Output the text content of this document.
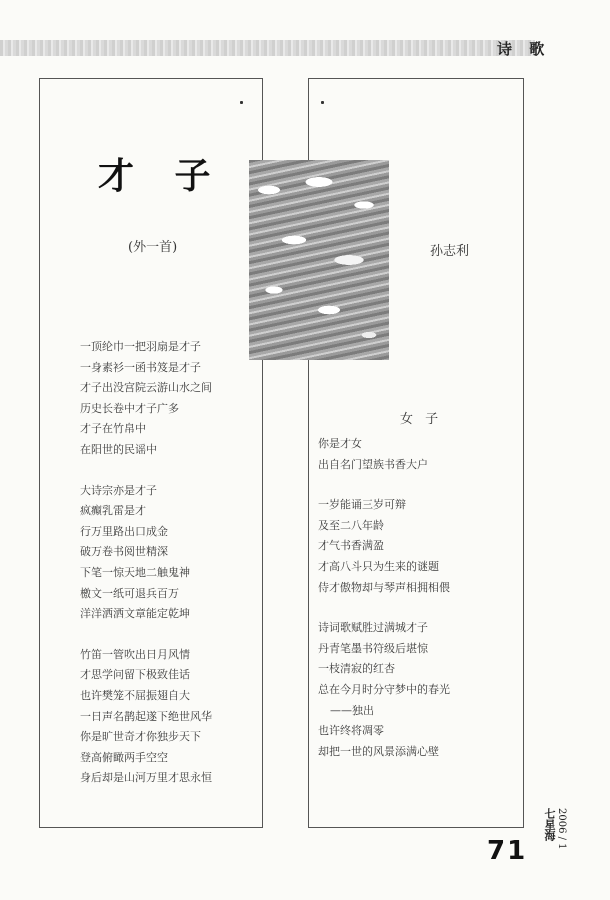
诗 歌
才 子
(外一首)	孙志利
一顶纶巾一把羽扇是才子
一身素衫一函书笈是才子
才子出没宫院云游山水之间
历史长卷中才子广多
才子在竹帛中
在阳世的民谣中
大诗宗亦是才子
疯癫乳雷是才
行万里路出口成金
破万卷书阅世精深
下笔一惊天地二触鬼神
檄文一纸可退兵百万
洋洋洒洒文章能定乾坤
竹笛一管吹出日月风情
才思学问留下极致佳话
也许樊笼不屈振翅自大
一日声名鹊起遂下绝世风华
你是旷世奇才你独步天下
登高俯瞰两手空空
身后却是山河万里才思永恒
女 子
你是才女
出自名门望族书香大户
一岁能诵三岁可辩
及至二八年龄
才气书香满盈
才高八斗只为生来的谜题
侍才傲物却与琴声相拥相偎
诗词歌赋胜过满城才子
丹青笔墨书符级后堪惊
一枝清寂的红杏
总在今月时分守梦中的春光
——独出
也许终将凋零
却把一世的风景添满心壁
71
七星海 2006 / 1
